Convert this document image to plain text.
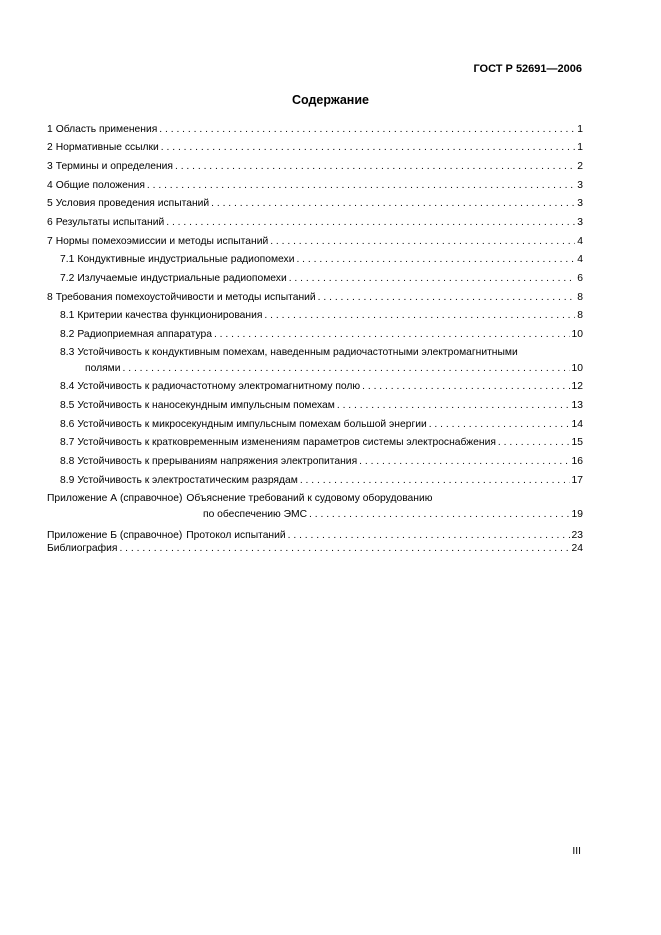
ГОСТ Р 52691—2006
Содержание
1 Область применения . . .	1
2 Нормативные ссылки . . .	1
3 Термины и определения . . .	2
4 Общие положения . . .	3
5 Условия проведения испытаний . . .	3
6 Результаты испытаний . . .	3
7 Нормы помехоэмиссии и методы испытаний . . .	4
7.1 Кондуктивные индустриальные радиопомехи . . .	4
7.2 Излучаемые индустриальные радиопомехи . . .	6
8 Требования помехоустойчивости и методы испытаний . . .	8
8.1 Критерии качества функционирования . . .	8
8.2 Радиоприемная аппаратура . . .	10
8.3 Устойчивость к кондуктивным помехам, наведенным радиочастотными электромагнитными
полями . . .	10
8.4 Устойчивость к радиочастотному электромагнитному полю . . .	12
8.5 Устойчивость к наносекундным импульсным помехам . . .	13
8.6 Устойчивость к микросекундным импульсным помехам большой энергии . . .	14
8.7 Устойчивость к кратковременным изменениям параметров системы электроснабжения . . .	15
8.8 Устойчивость к прерываниям напряжения электропитания . . .	16
8.9 Устойчивость к электростатическим разрядам . . .	17
Приложение А (справочное) Объяснение требований к судовому оборудованию
по обеспечению ЭМС . . .	19
Приложение Б (справочное) Протокол испытаний . . .	23
Библиография . . .	24
III
